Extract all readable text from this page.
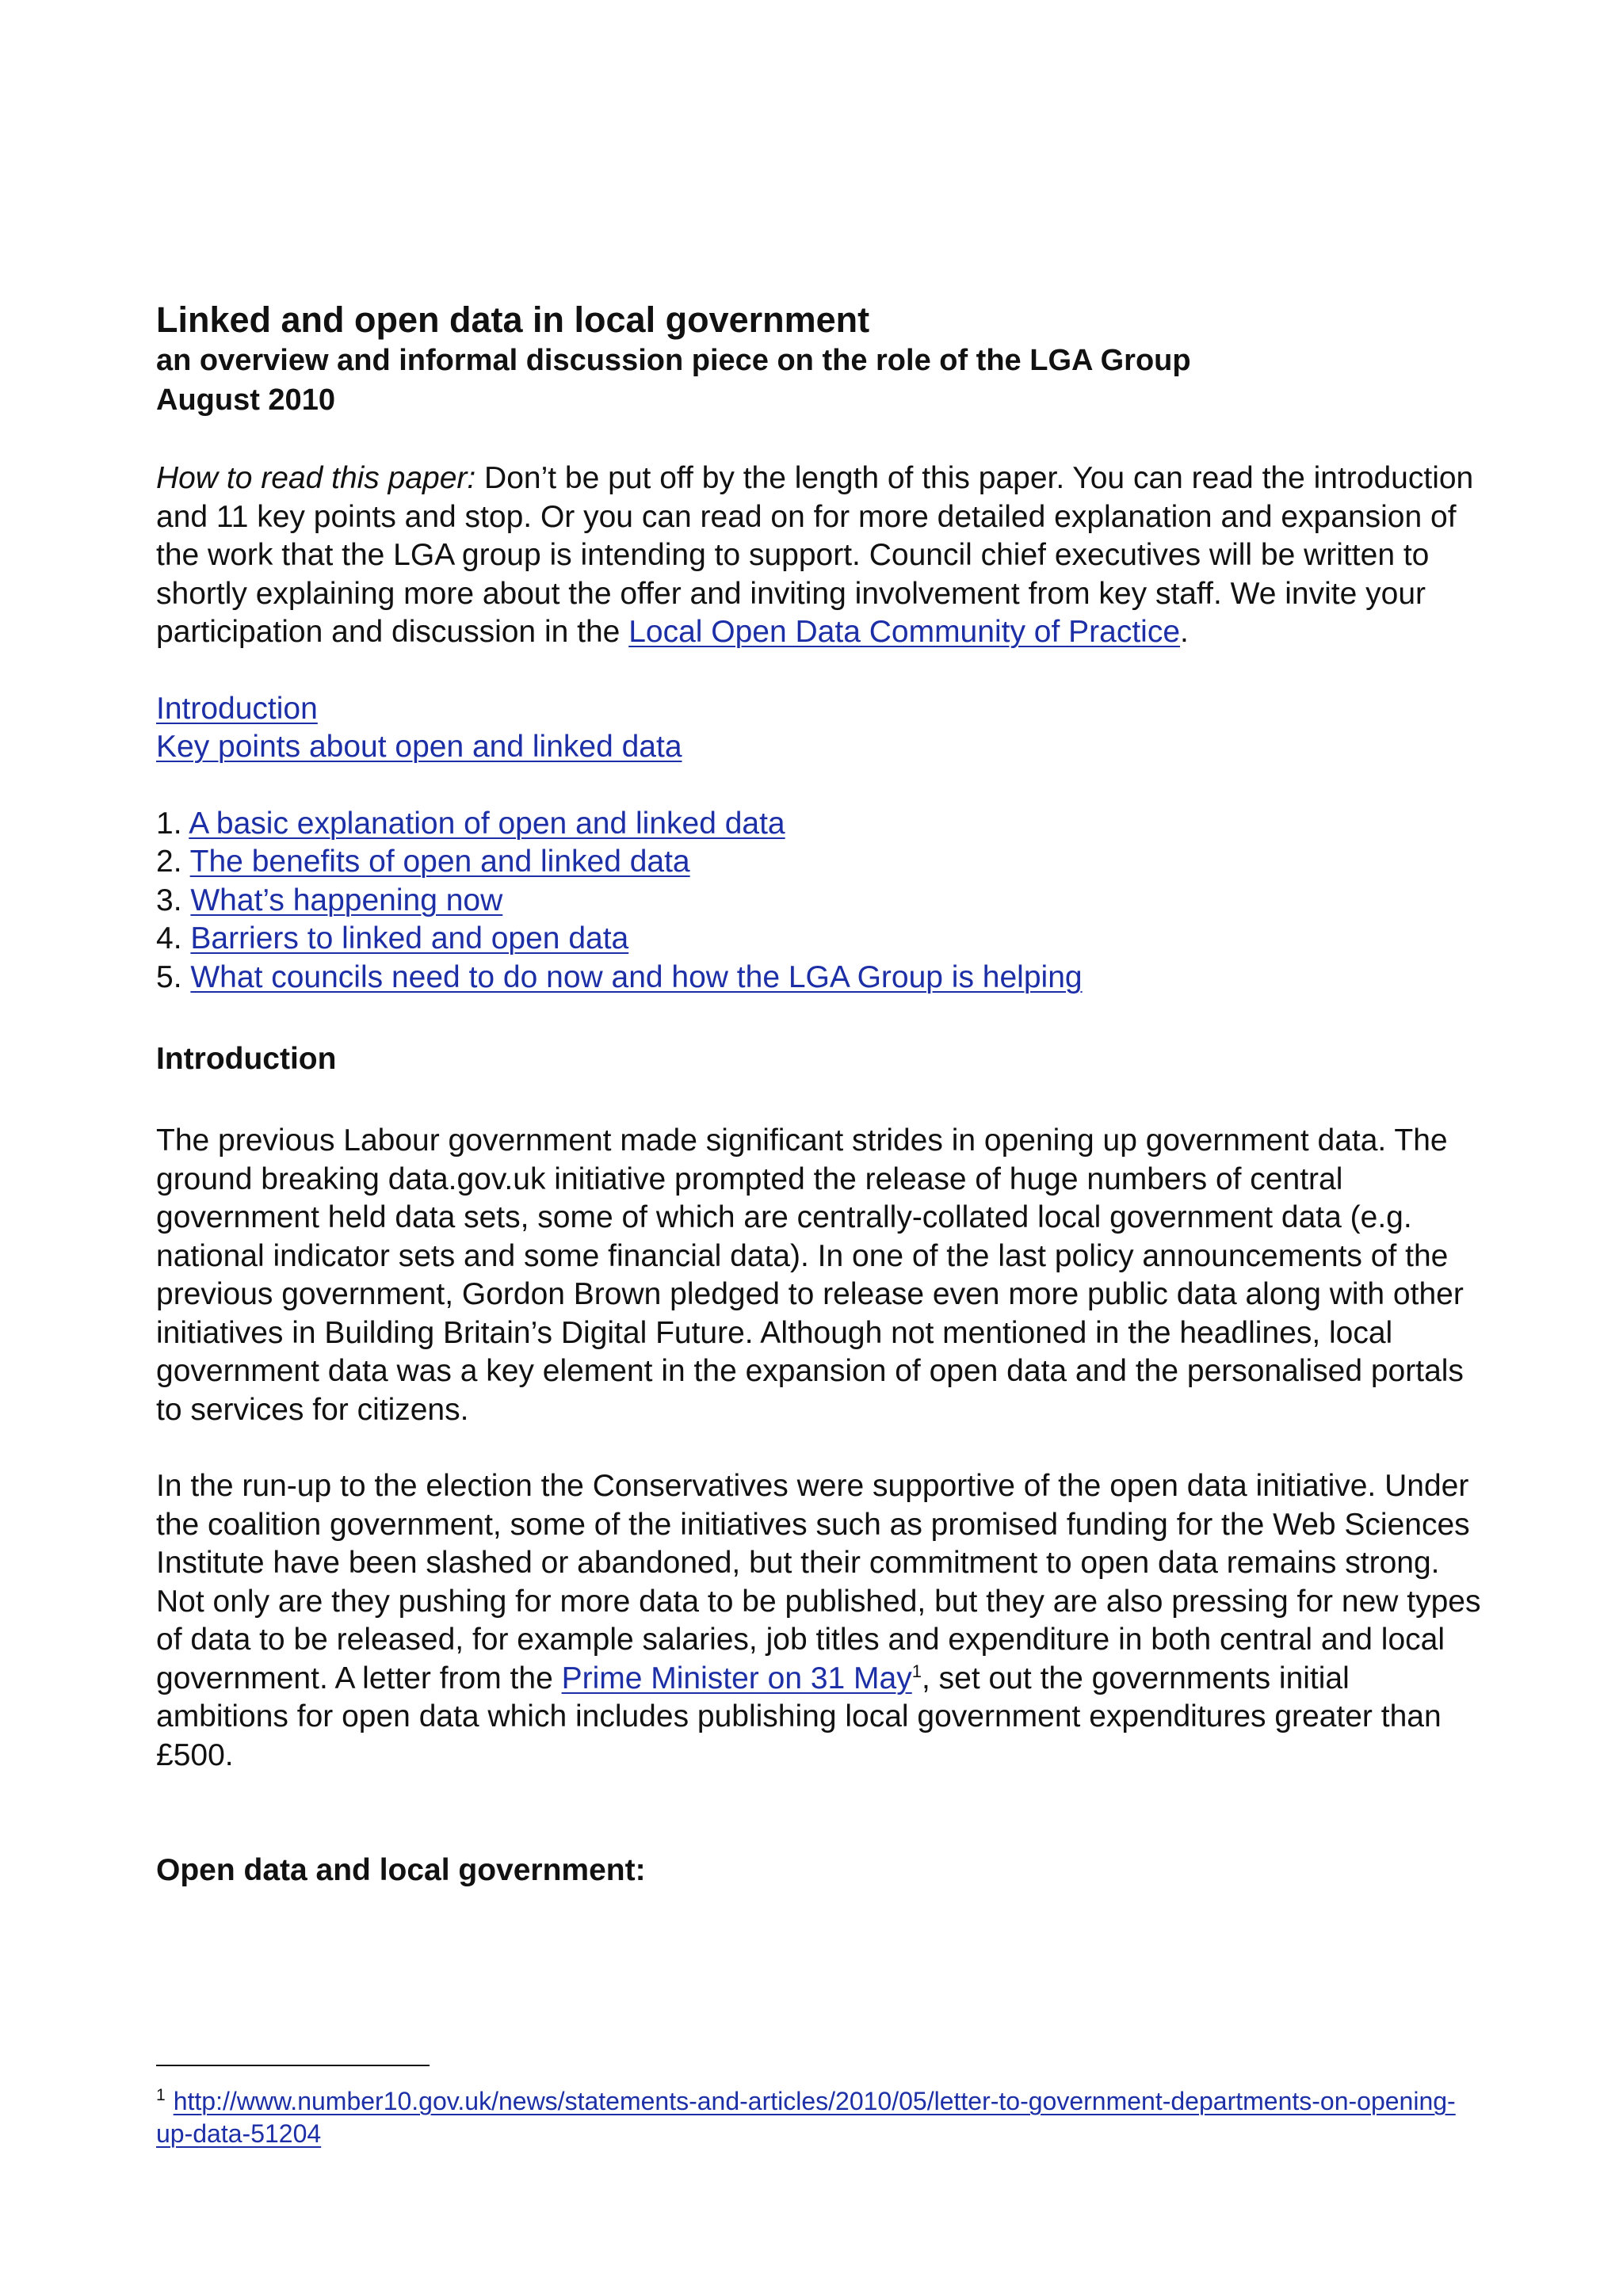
Linked and open data in local government

an overview and informal discussion piece on the role of the LGA Group

August 2010

How to read this paper: Don’t be put off by the length of this paper. You can read the introduction and 11 key points and stop. Or you can read on for more detailed explanation and expansion of the work that the LGA group is intending to support. Council chief executives will be written to shortly explaining more about the offer and inviting involvement from key staff. We invite your participation and discussion in the Local Open Data Community of Practice.

Introduction
Key points about open and linked data
1. A basic explanation of open and linked data
2. The benefits of open and linked data
3. What’s happening now
4. Barriers to linked and open data
5. What councils need to do now and how the LGA Group is helping
Introduction

The previous Labour government made significant strides in opening up government data. The ground breaking data.gov.uk initiative prompted the release of huge numbers of central government held data sets, some of which are centrally-collated local government data (e.g. national indicator sets and some financial data). In one of the last policy announcements of the previous government, Gordon Brown pledged to release even more public data along with other initiatives in Building Britain’s Digital Future. Although not mentioned in the headlines, local government data was a key element in the expansion of open data and the personalised portals to services for citizens.

In the run-up to the election the Conservatives were supportive of the open data initiative. Under the coalition government, some of the initiatives such as promised funding for the Web Sciences Institute have been slashed or abandoned, but their commitment to open data remains strong. Not only are they pushing for more data to be published, but they are also pressing for new types of data to be released, for example salaries, job titles and expenditure in both central and local government. A letter from the Prime Minister on 31 May$^1$, set out the governments initial ambitions for open data which includes publishing local government expenditures greater than £500.

Open data and local government:
$^1$ http://www.number10.gov.uk/news/statements-and-articles/2010/05/letter-to-government-departments-on-opening-up-data-51204
